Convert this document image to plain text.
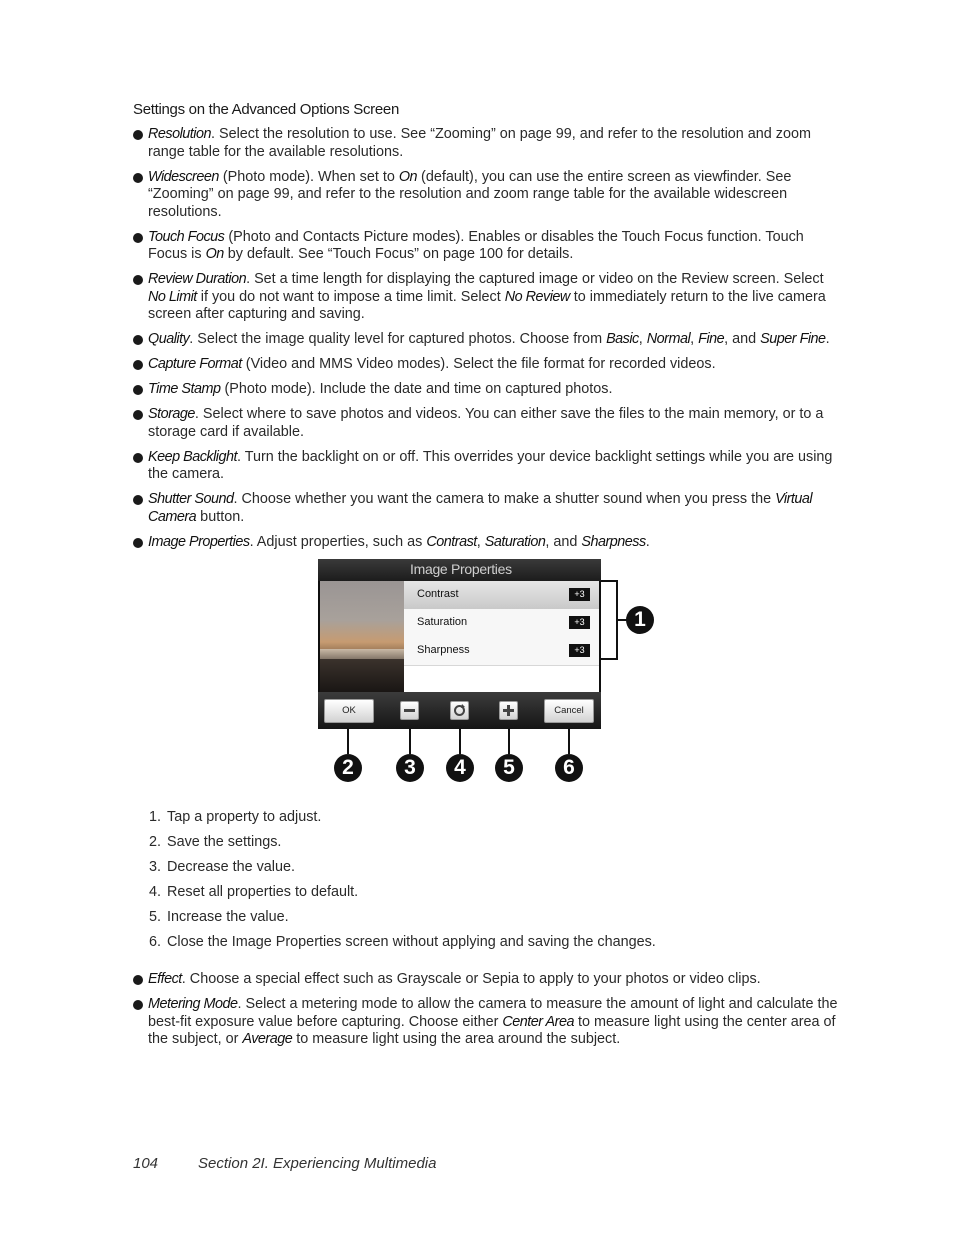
Settings on the Advanced Options Screen
Resolution. Select the resolution to use. See “Zooming” on page 99, and refer to the resolution and zoom range table for the available resolutions.
Widescreen (Photo mode). When set to On (default), you can use the entire screen as viewfinder. See “Zooming” on page 99, and refer to the resolution and zoom range table for the available widescreen resolutions.
Touch Focus (Photo and Contacts Picture modes). Enables or disables the Touch Focus function. Touch Focus is On by default. See “Touch Focus” on page 100 for details.
Review Duration. Set a time length for displaying the captured image or video on the Review screen. Select No Limit if you do not want to impose a time limit. Select No Review to immediately return to the live camera screen after capturing and saving.
Quality. Select the image quality level for captured photos. Choose from Basic, Normal, Fine, and Super Fine.
Capture Format (Video and MMS Video modes). Select the file format for recorded videos.
Time Stamp (Photo mode). Include the date and time on captured photos.
Storage. Select where to save photos and videos. You can either save the files to the main memory, or to a storage card if available.
Keep Backlight. Turn the backlight on or off. This overrides your device backlight settings while you are using the camera.
Shutter Sound. Choose whether you want the camera to make a shutter sound when you press the Virtual Camera button.
Image Properties. Adjust properties, such as Contrast, Saturation, and Sharpness.
Image Properties
Contrast	+3
Saturation	+3
Sharpness	+3
OK	Cancel
1
2	3	4	5	6
1. Tap a property to adjust.
2. Save the settings.
3. Decrease the value.
4. Reset all properties to default.
5. Increase the value.
6. Close the Image Properties screen without applying and saving the changes.
Effect. Choose a special effect such as Grayscale or Sepia to apply to your photos or video clips.
Metering Mode. Select a metering mode to allow the camera to measure the amount of light and calculate the best-fit exposure value before capturing. Choose either Center Area to measure light using the center area of the subject, or Average to measure light using the area around the subject.
104	Section 2I. Experiencing Multimedia
